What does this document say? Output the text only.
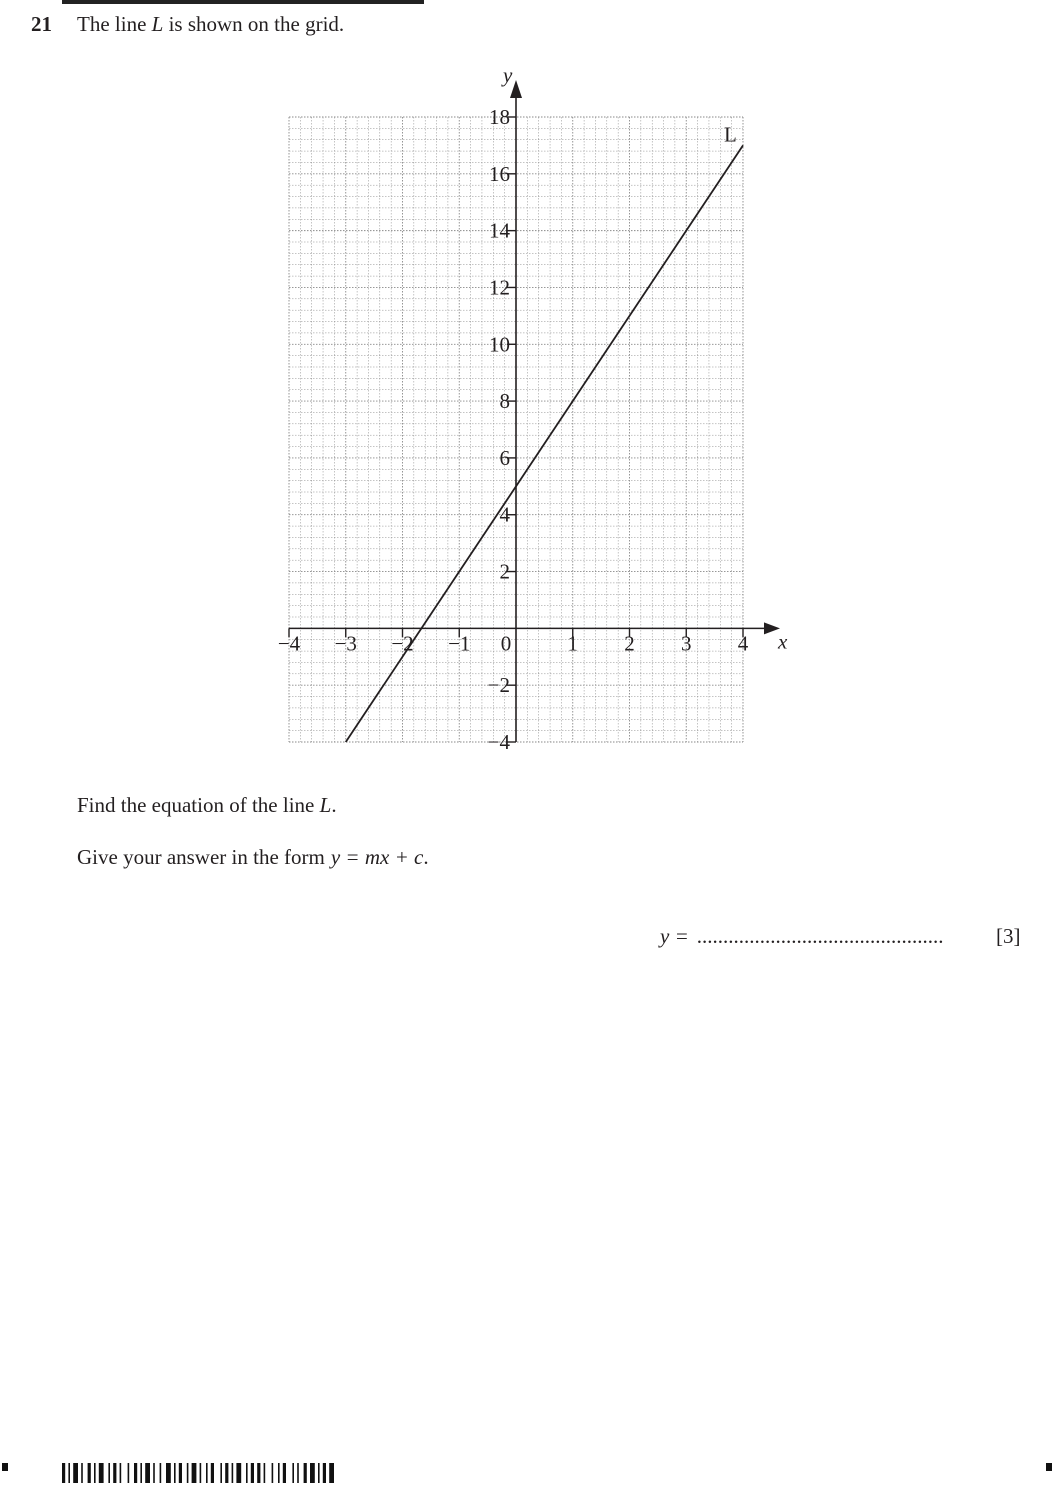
21 The line L is shown on the grid.
x
y
−4 −3 −2 −1 0	1 2 3 4
−4
−2
2
4
6
8
10
12
14
16
18
L
Find the equation of the line L.
Give your answer in the form y = mx + c.
y = ...............................................	[3]
